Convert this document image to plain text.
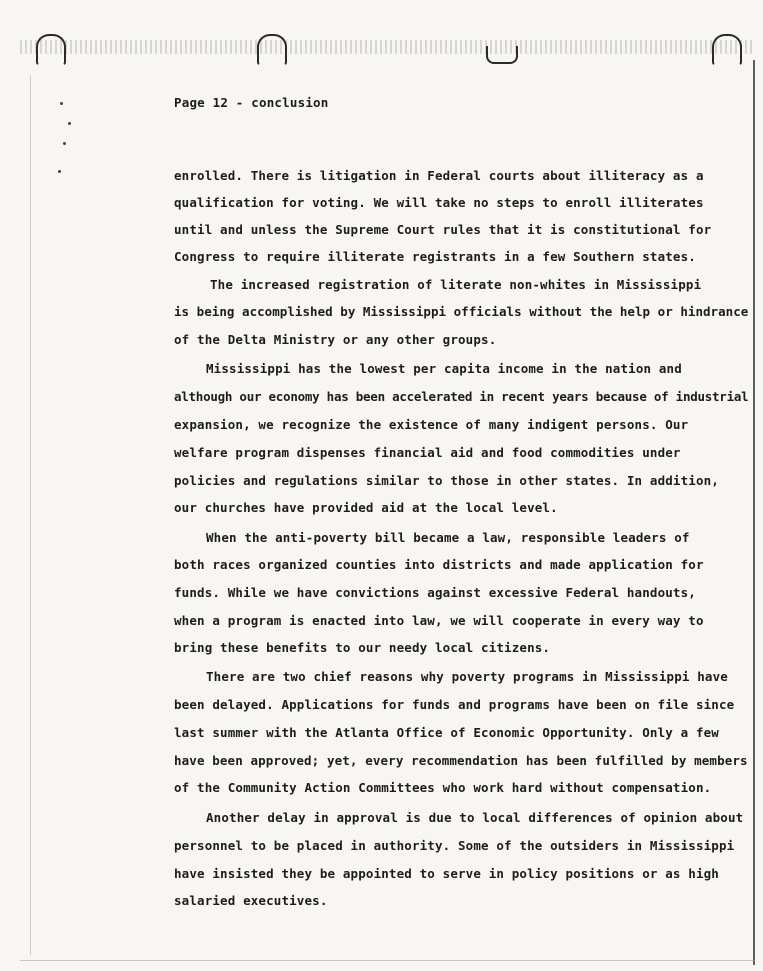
Page 12 - conclusion
enrolled. There is litigation in Federal courts about illiteracy as a
qualification for voting. We will take no steps to enroll illiterates
until and unless the Supreme Court rules that it is constitutional for
Congress to require illiterate registrants in a few Southern states.
The increased registration of literate non-whites in Mississippi
is being accomplished by Mississippi officials without the help or hindrance
of the Delta Ministry or any other groups.
Mississippi has the lowest per capita income in the nation and
although our economy has been accelerated in recent years because of industrial
expansion, we recognize the existence of many indigent persons. Our
welfare program dispenses financial aid and food commodities under
policies and regulations similar to those in other states. In addition,
our churches have provided aid at the local level.
When the anti-poverty bill became a law, responsible leaders of
both races organized counties into districts and made application for
funds. While we have convictions against excessive Federal handouts,
when a program is enacted into law, we will cooperate in every way to
bring these benefits to our needy local citizens.
There are two chief reasons why poverty programs in Mississippi have
been delayed. Applications for funds and programs have been on file since
last summer with the Atlanta Office of Economic Opportunity. Only a few
have been approved; yet, every recommendation has been fulfilled by members
of the Community Action Committees who work hard without compensation.
Another delay in approval is due to local differences of opinion about
personnel to be placed in authority. Some of the outsiders in Mississippi
have insisted they be appointed to serve in policy positions or as high
salaried executives.
